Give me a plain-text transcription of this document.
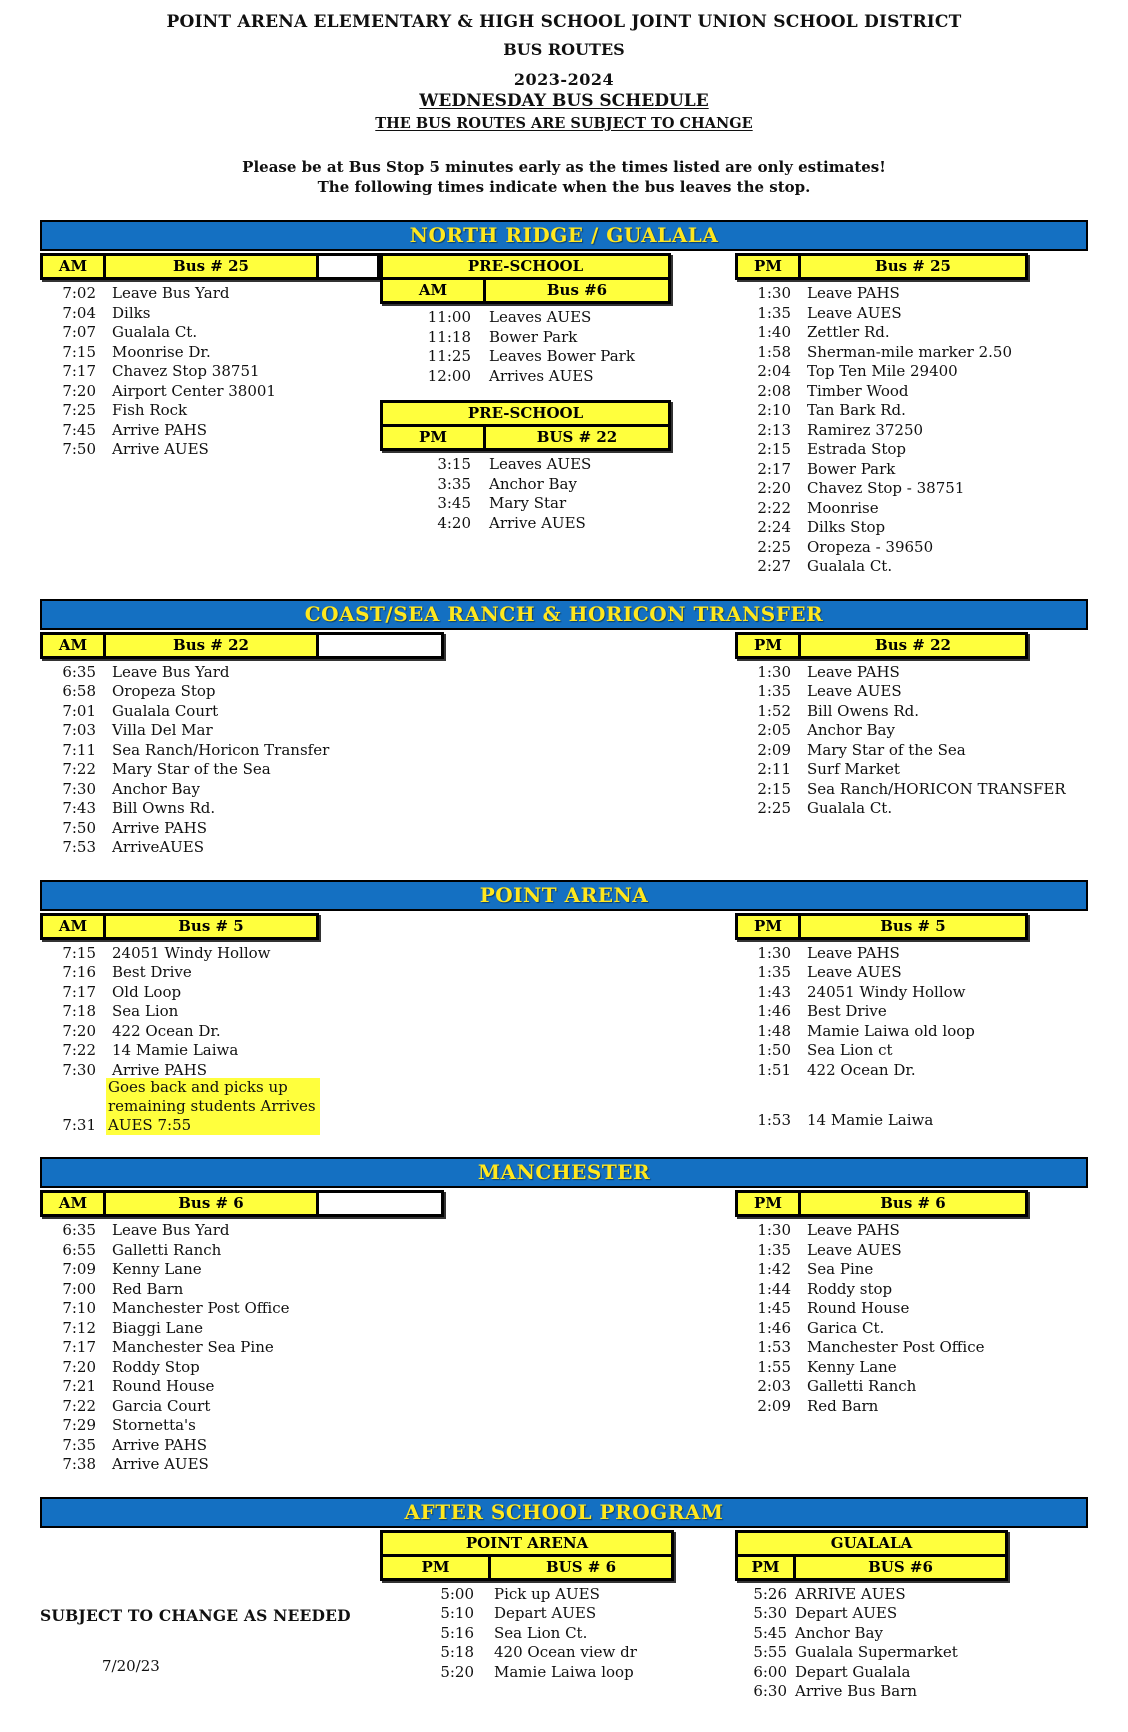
POINT ARENA ELEMENTARY & HIGH SCHOOL JOINT UNION SCHOOL DISTRICT
BUS ROUTES
2023-2024
WEDNESDAY BUS SCHEDULE
THE BUS ROUTES ARE SUBJECT TO CHANGE
Please be at Bus Stop 5 minutes early as the times listed are only estimates!
The following times indicate when the bus leaves the stop.
NORTH RIDGE / GUALALA
AM	Bus # 25
7:02	Leave Bus Yard
7:04	Dilks
7:07	Gualala Ct.
7:15	Moonrise Dr.
7:17	Chavez Stop 38751
7:20	Airport Center 38001
7:25	Fish Rock
7:45	Arrive PAHS
7:50	Arrive AUES
PRE-SCHOOL
AM	Bus #6
11:00	Leaves AUES
11:18	Bower Park
11:25	Leaves Bower Park
12:00	Arrives AUES
PRE-SCHOOL
PM	BUS # 22
3:15	Leaves AUES
3:35	Anchor Bay
3:45	Mary Star
4:20	Arrive AUES
PM	Bus # 25
1:30	Leave PAHS
1:35	Leave AUES
1:40	Zettler Rd.
1:58	Sherman-mile marker 2.50
2:04	Top Ten Mile 29400
2:08	Timber Wood
2:10	Tan Bark Rd.
2:13	Ramirez 37250
2:15	Estrada Stop
2:17	Bower Park
2:20	Chavez Stop - 38751
2:22	Moonrise
2:24	Dilks Stop
2:25	Oropeza - 39650
2:27	Gualala Ct.
COAST/SEA RANCH & HORICON TRANSFER
AM	Bus # 22
6:35	Leave Bus Yard
6:58	Oropeza Stop
7:01	Gualala Court
7:03	Villa Del Mar
7:11	Sea Ranch/Horicon Transfer
7:22	Mary Star of the Sea
7:30	Anchor Bay
7:43	Bill Owns Rd.
7:50	Arrive PAHS
7:53	ArriveAUES
PM	Bus # 22
1:30	Leave PAHS
1:35	Leave AUES
1:52	Bill Owens Rd.
2:05	Anchor Bay
2:09	Mary Star of the Sea
2:11	Surf Market
2:15	Sea Ranch/HORICON TRANSFER
2:25	Gualala Ct.
POINT ARENA
AM	Bus # 5
7:15	24051 Windy Hollow
7:16	Best Drive
7:17	Old Loop
7:18	Sea Lion
7:20	422 Ocean Dr.
7:22	14 Mamie Laiwa
7:30	Arrive PAHS
7:31
Goes back and picks up
remaining students Arrives
AUES 7:55
PM	Bus # 5
1:30	Leave PAHS
1:35	Leave AUES
1:43	24051 Windy Hollow
1:46	Best Drive
1:48	Mamie Laiwa old loop
1:50	Sea Lion ct
1:51	422 Ocean Dr.
1:53	14 Mamie Laiwa
MANCHESTER
AM	Bus # 6
6:35	Leave Bus Yard
6:55	Galletti Ranch
7:09	Kenny Lane
7:00	Red Barn
7:10	Manchester Post Office
7:12	Biaggi Lane
7:17	Manchester Sea Pine
7:20	Roddy Stop
7:21	Round House
7:22	Garcia Court
7:29	Stornetta's
7:35	Arrive PAHS
7:38	Arrive AUES
PM	Bus # 6
1:30	Leave PAHS
1:35	Leave AUES
1:42	Sea Pine
1:44	Roddy stop
1:45	Round House
1:46	Garica Ct.
1:53	Manchester Post Office
1:55	Kenny Lane
2:03	Galletti Ranch
2:09	Red Barn
AFTER SCHOOL PROGRAM
SUBJECT TO CHANGE AS NEEDED
7/20/23
POINT ARENA
PM	BUS # 6
5:00	Pick up AUES
5:10	Depart AUES
5:16	Sea Lion Ct.
5:18	420 Ocean view dr
5:20	Mamie Laiwa loop
GUALALA
PM	BUS #6
5:26 ARRIVE AUES
5:30 Depart AUES
5:45 Anchor Bay
5:55 Gualala Supermarket
6:00 Depart Gualala
6:30 Arrive Bus Barn
